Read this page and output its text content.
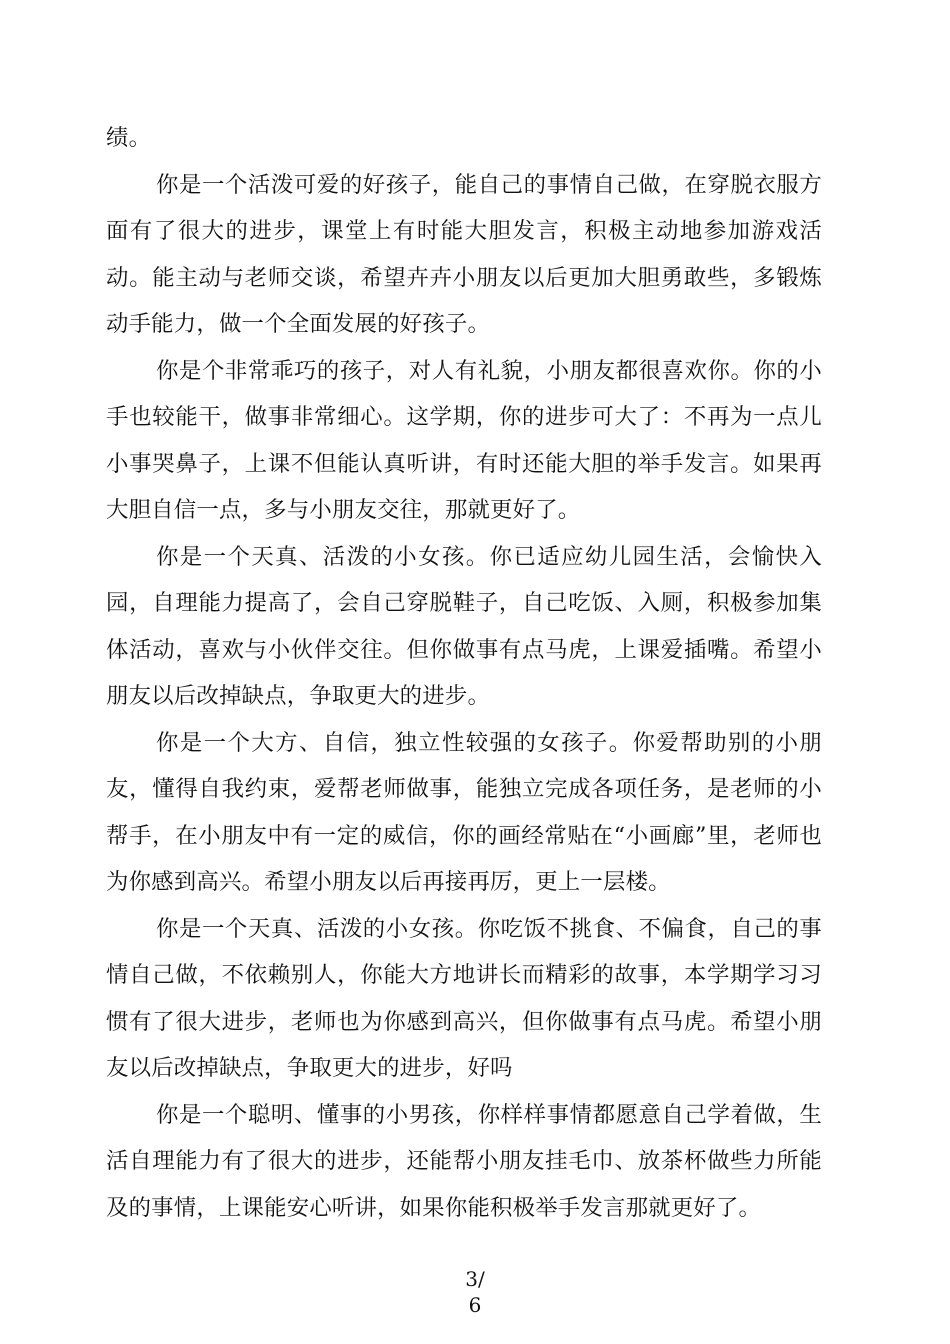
绩。

你是一个活泼可爱的好孩子，能自己的事情自己做，在穿脱衣服方面有了很大的进步，课堂上有时能大胆发言，积极主动地参加游戏活动。能主动与老师交谈，希望卉卉小朋友以后更加大胆勇敢些，多锻炼动手能力，做一个全面发展的好孩子。

你是个非常乖巧的孩子，对人有礼貌，小朋友都很喜欢你。你的小手也较能干，做事非常细心。这学期，你的进步可大了：不再为一点儿小事哭鼻子，上课不但能认真听讲，有时还能大胆的举手发言。如果再大胆自信一点，多与小朋友交往，那就更好了。

你是一个天真、活泼的小女孩。你已适应幼儿园生活，会愉快入园，自理能力提高了，会自己穿脱鞋子，自己吃饭、入厕，积极参加集体活动，喜欢与小伙伴交往。但你做事有点马虎，上课爱插嘴。希望小朋友以后改掉缺点，争取更大的进步。

你是一个大方、自信，独立性较强的女孩子。你爱帮助别的小朋友，懂得自我约束，爱帮老师做事，能独立完成各项任务，是老师的小帮手，在小朋友中有一定的威信，你的画经常贴在“小画廊”里，老师也为你感到高兴。希望小朋友以后再接再厉，更上一层楼。

你是一个天真、活泼的小女孩。你吃饭不挑食、不偏食，自己的事情自己做，不依赖别人，你能大方地讲长而精彩的故事，本学期学习习惯有了很大进步，老师也为你感到高兴，但你做事有点马虎。希望小朋友以后改掉缺点，争取更大的进步，好吗

你是一个聪明、懂事的小男孩，你样样事情都愿意自己学着做，生活自理能力有了很大的进步，还能帮小朋友挂毛巾、放茶杯做些力所能及的事情，上课能安心听讲，如果你能积极举手发言那就更好了。

3/
6
